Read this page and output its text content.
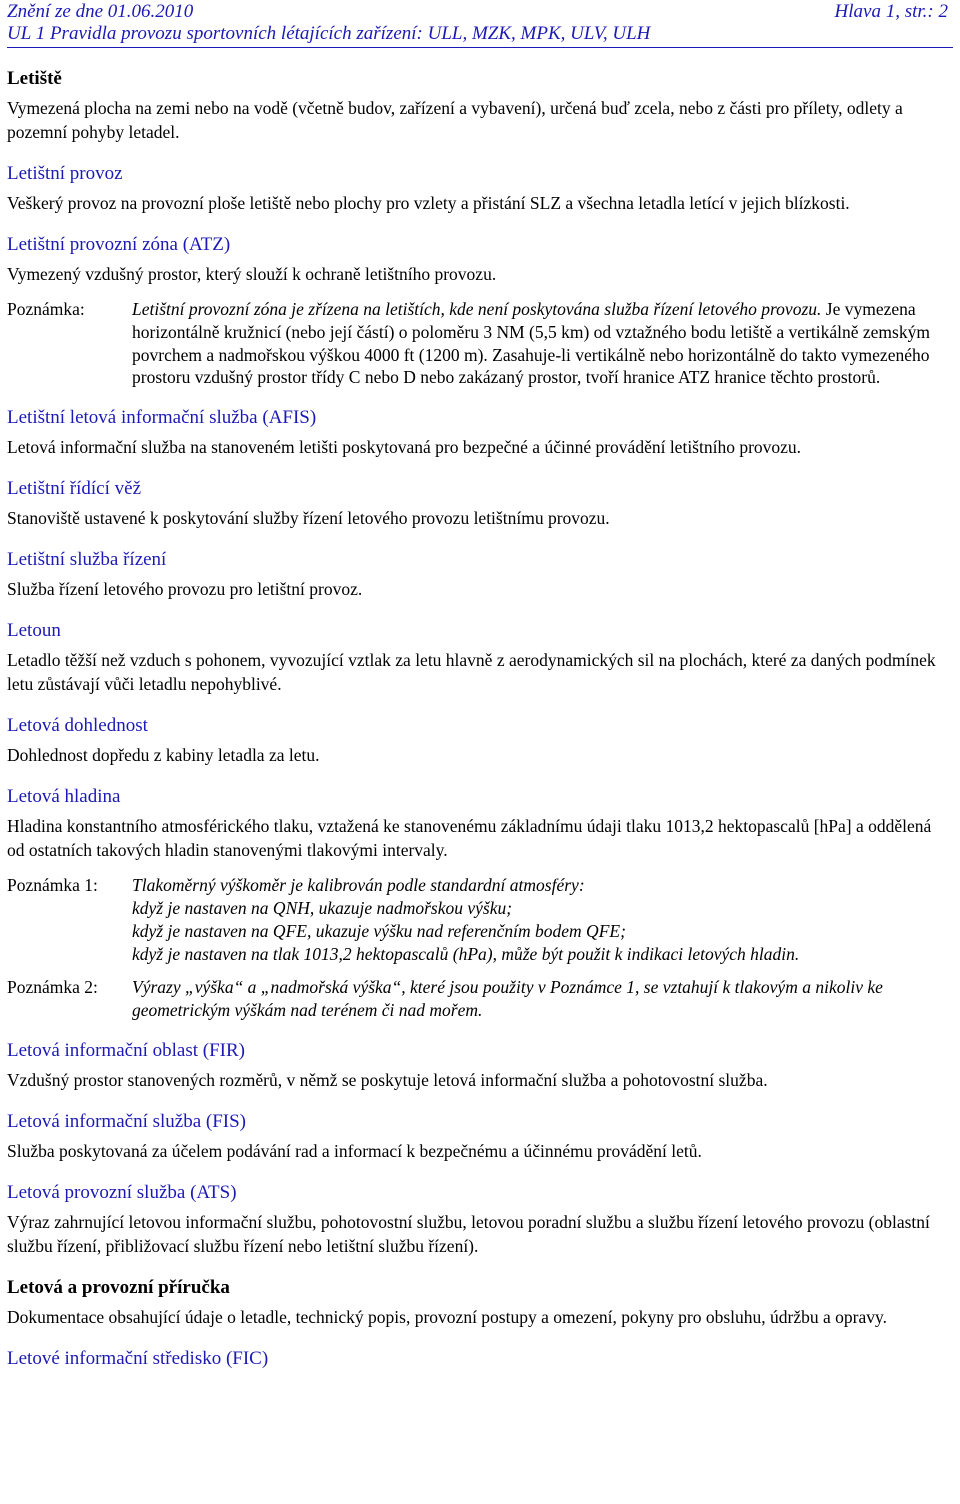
Znění ze dne 01.06.2010	Hlava 1, str.: 2
UL 1 Pravidla provozu sportovních létajících zařízení: ULL, MZK, MPK, ULV, ULH
Letiště
Vymezená plocha na zemi nebo na vodě (včetně budov, zařízení a vybavení), určená buď zcela, nebo z části pro přílety, odlety a pozemní pohyby letadel.
Letištní provoz
Veškerý provoz na provozní ploše letiště nebo plochy pro vzlety a přistání SLZ a všechna letadla letící v jejich blízkosti.
Letištní provozní zóna (ATZ)
Vymezený vzdušný prostor, který slouží k ochraně letištního provozu.
Poznámka:	Letištní provozní zóna je zřízena na letištích, kde není poskytována služba řízení letového provozu. Je vymezena horizontálně kružnicí (nebo její částí) o poloměru 3 NM (5,5 km) od vztažného bodu letiště a vertikálně zemským povrchem a nadmořskou výškou 4000 ft (1200 m). Zasahuje-li vertikálně nebo horizontálně do takto vymezeného prostoru vzdušný prostor třídy C nebo D nebo zakázaný prostor, tvoří hranice ATZ hranice těchto prostorů.
Letištní letová informační služba (AFIS)
Letová informační služba na stanoveném letišti poskytovaná pro bezpečné a účinné provádění letištního provozu.
Letištní řídící věž
Stanoviště ustavené k poskytování služby řízení letového provozu letištnímu provozu.
Letištní služba řízení
Služba řízení letového provozu pro letištní provoz.
Letoun
Letadlo těžší než vzduch s pohonem, vyvozující vztlak za letu hlavně z aerodynamických sil na plochách, které za daných podmínek letu zůstávají vůči letadlu nepohyblivé.
Letová dohlednost
Dohlednost dopředu z kabiny letadla za letu.
Letová hladina
Hladina konstantního atmosférického tlaku, vztažená ke stanovenému základnímu údaji tlaku 1013,2 hektopascalů [hPa] a oddělená od ostatních takových hladin stanovenými tlakovými intervaly.
Poznámka 1:	Tlakoměrný výškoměr je kalibrován podle standardní atmosféry:
když je nastaven na QNH, ukazuje nadmořskou výšku;
když je nastaven na QFE, ukazuje výšku nad referenčním bodem QFE;
když je nastaven na tlak 1013,2 hektopascalů (hPa), může být použit k indikaci letových hladin.
Poznámka 2:	Výrazy „výška“ a „nadmořská výška“, které jsou použity v Poznámce 1, se vztahují k tlakovým a nikoliv ke geometrickým výškám nad terénem či nad mořem.
Letová informační oblast (FIR)
Vzdušný prostor stanovených rozměrů, v němž se poskytuje letová informační služba a pohotovostní služba.
Letová informační služba (FIS)
Služba poskytovaná za účelem podávání rad a informací k bezpečnému a účinnému provádění letů.
Letová provozní služba (ATS)
Výraz zahrnující letovou informační službu, pohotovostní službu, letovou poradní službu a službu řízení letového provozu (oblastní službu řízení, přibližovací službu řízení nebo letištní službu řízení).
Letová a provozní příručka
Dokumentace obsahující údaje o letadle, technický popis, provozní postupy a omezení, pokyny pro obsluhu, údržbu a opravy.
Letové informační středisko (FIC)
